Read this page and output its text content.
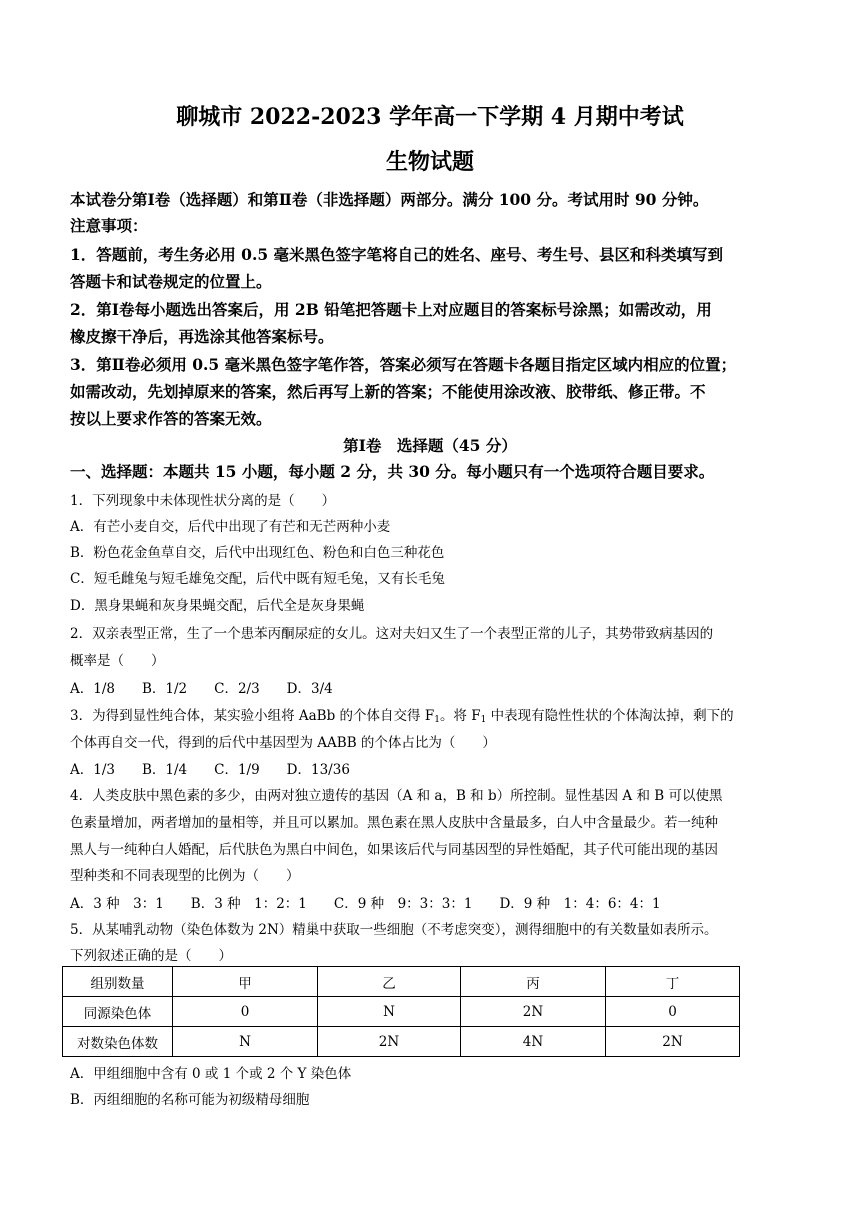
聊城市 2022-2023 学年高一下学期 4 月期中考试
生物试题
本试卷分第Ⅰ卷（选择题）和第Ⅱ卷（非选择题）两部分。满分 100 分。考试用时 90 分钟。
注意事项：
1．答题前，考生务必用 0.5 毫米黑色签字笔将自己的姓名、座号、考生号、县区和科类填写到
答题卡和试卷规定的位置上。
2．第Ⅰ卷每小题选出答案后，用 2B 铅笔把答题卡上对应题目的答案标号涂黑；如需改动，用
橡皮擦干净后，再选涂其他答案标号。
3．第Ⅱ卷必须用 0.5 毫米黑色签字笔作答，答案必须写在答题卡各题目指定区域内相应的位置；
如需改动，先划掉原来的答案，然后再写上新的答案；不能使用涂改液、胶带纸、修正带。不
按以上要求作答的答案无效。
第Ⅰ卷　选择题（45 分）
一、选择题：本题共 15 小题，每小题 2 分，共 30 分。每小题只有一个选项符合题目要求。
1．下列现象中未体现性状分离的是（　　）
A．有芒小麦自交，后代中出现了有芒和无芒两种小麦
B．粉色花金鱼草自交，后代中出现红色、粉色和白色三种花色
C．短毛雌兔与短毛雄兔交配，后代中既有短毛兔，又有长毛兔
D．黑身果蝇和灰身果蝇交配，后代全是灰身果蝇
2．双亲表型正常，生了一个患苯丙酮尿症的女儿。这对夫妇又生了一个表型正常的儿子，其势带致病基因的
概率是（　　）
A．1/8　　B．1/2　　C．2/3　　D．3/4
3．为得到显性纯合体，某实验小组将 AaBb 的个体自交得 $F_1$。将 $F_1$ 中表现有隐性性状的个体淘汰掉，剩下的
个体再自交一代，得到的后代中基因型为 AABB 的个体占比为（　　）
A．1/3　　B．1/4　　C．1/9　　D．13/36
4．人类皮肤中黑色素的多少，由两对独立遗传的基因（A 和 a，B 和 b）所控制。显性基因 A 和 B 可以使黑
色素量增加，两者增加的量相等，并且可以累加。黑色素在黑人皮肤中含量最多，白人中含量最少。若一纯种
黑人与一纯种白人婚配，后代肤色为黑白中间色，如果该后代与同基因型的异性婚配，其子代可能出现的基因
型种类和不同表现型的比例为（　　）
A．3 种　3：1　　B．3 种　1：2：1　　C．9 种　9：3：3：1　　D．9 种　1：4：6：4：1
5．从某哺乳动物（染色体数为 2N）精巢中获取一些细胞（不考虑突变），测得细胞中的有关数量如表所示。
下列叙述正确的是（　　）
组别数量	甲	乙	丙	丁
同源染色体	0	N	2N	0
对数染色体数	N	2N	4N	2N
A．甲组细胞中含有 0 或 1 个或 2 个 Y 染色体
B．丙组细胞的名称可能为初级精母细胞
